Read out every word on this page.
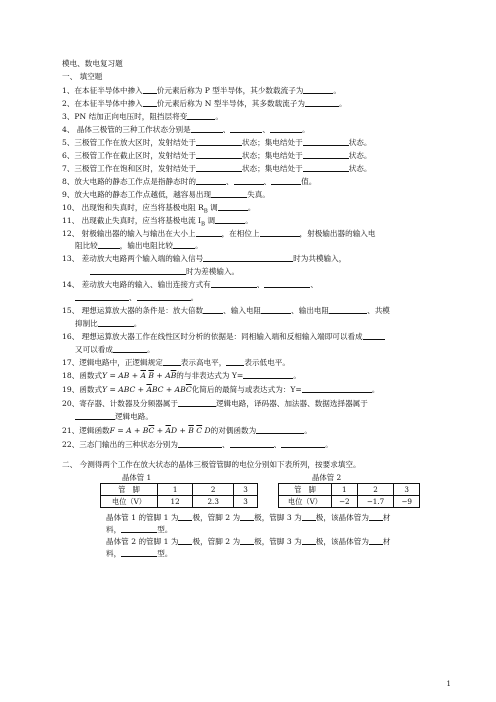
模电、数电复习题
一、 填空题
1、在本征半导体中掺入 价元素后称为 P 型半导体，其少数载流子为	。
2、在本征半导体中掺入 价元素后称为 N 型半导体，其多数载流子为	。
3、PN 结加正向电压时，阻挡层将变	。
4、 晶体三极管的三种工作状态分别是	、	、	。
5、三极管工作在放大区时，发射结处于	状态；集电结处于	状态。
6、三极管工作在截止区时，发射结处于	状态；集电结处于	状态。
7、三极管工作在饱和区时，发射结处于	状态；集电结处于	状态。
8、放大电路的静态工作点是指静态时的	、	、	值。
9、放大电路的静态工作点越低，越容易出现	失真。
10、 出现饱和失真时，应当将基极电阻 $R_B$ 调	。
11、 出现截止失真时，应当将基极电流 $I_B$ 调	。
12、 射极输出器的输入与输出在大小上	，在相位上	，射极输出器的输入电
阻比较	，输出电阻比较	。
13、 差动放大电路两个输入端的输入信号	时为共模输入，
时为差模输入。
14、 差动放大电路的输入、输出连接方式有	、	、
、	。
15、 理想运算放大器的条件是：放大倍数	、输入电阻	、输出电阻	、共模
抑制比	。
16、 理想运算放大器工作在线性区时分析的依据是：同相输入端和反相输入端即可以看成
又可以看成	。
17、逻辑电路中，正逻辑规定 表示高电平， 表示低电平。
18、函数式Y = AB + $\overline{A}$ $\overline{B} + A\overline{B}$的与非表达式为 Y=	。
19、函数式Y = ABC + $\overline{A}BC + AB\overline{C}$化简后的最简与或表达式为：Y=	。
20、寄存器、计数器及分频器属于	逻辑电路，译码器、加法器、数据选择器属于
逻辑电路。
21、逻辑函数$F = A + B\overline{C} + \overline{A}D + \overline{B}$ $\overline{C}$ D的对偶函数为	。
22、三态门输出的三种状态分别为	、	、	。
二、 今测得两个工作在放大状态的晶体三极管管脚的电位分别如下表所列，按要求填空。
晶体管 1	晶体管 2
管　脚	1	2	3
电位（V）	12	2.3	3
管　脚	1	2	3
电位（V）	−2	−1.7	−9
晶体管 1 的管脚 1 为 极，管脚 2 为 极，管脚 3 为 极，该晶体管为 材
料，	型。
晶体管 2 的管脚 1 为 极，管脚 2 为 极，管脚 3 为 极，该晶体管为 材
料，	型。
1
